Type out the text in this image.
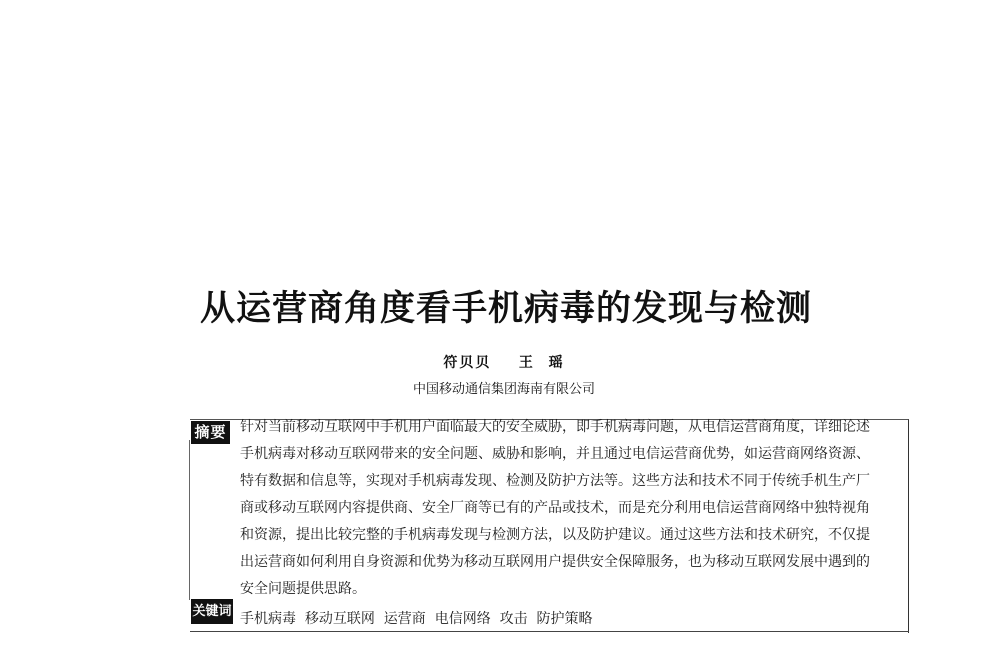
从运营商角度看手机病毒的发现与检测
符贝贝    王  瑶
中国移动通信集团海南有限公司
摘要 针对当前移动互联网中手机用户面临最大的安全威胁，即手机病毒问题，从电信运营商角度，详细论述
手机病毒对移动互联网带来的安全问题、威胁和影响，并且通过电信运营商优势，如运营商网络资源、
特有数据和信息等，实现对手机病毒发现、检测及防护方法等。这些方法和技术不同于传统手机生产厂
商或移动互联网内容提供商、安全厂商等已有的产品或技术，而是充分利用电信运营商网络中独特视角
和资源，提出比较完整的手机病毒发现与检测方法，以及防护建议。通过这些方法和技术研究，不仅提
出运营商如何利用自身资源和优势为移动互联网用户提供安全保障服务，也为移动互联网发展中遇到的
安全问题提供思路。
关键词 手机病毒  移动互联网  运营商  电信网络  攻击  防护策略
